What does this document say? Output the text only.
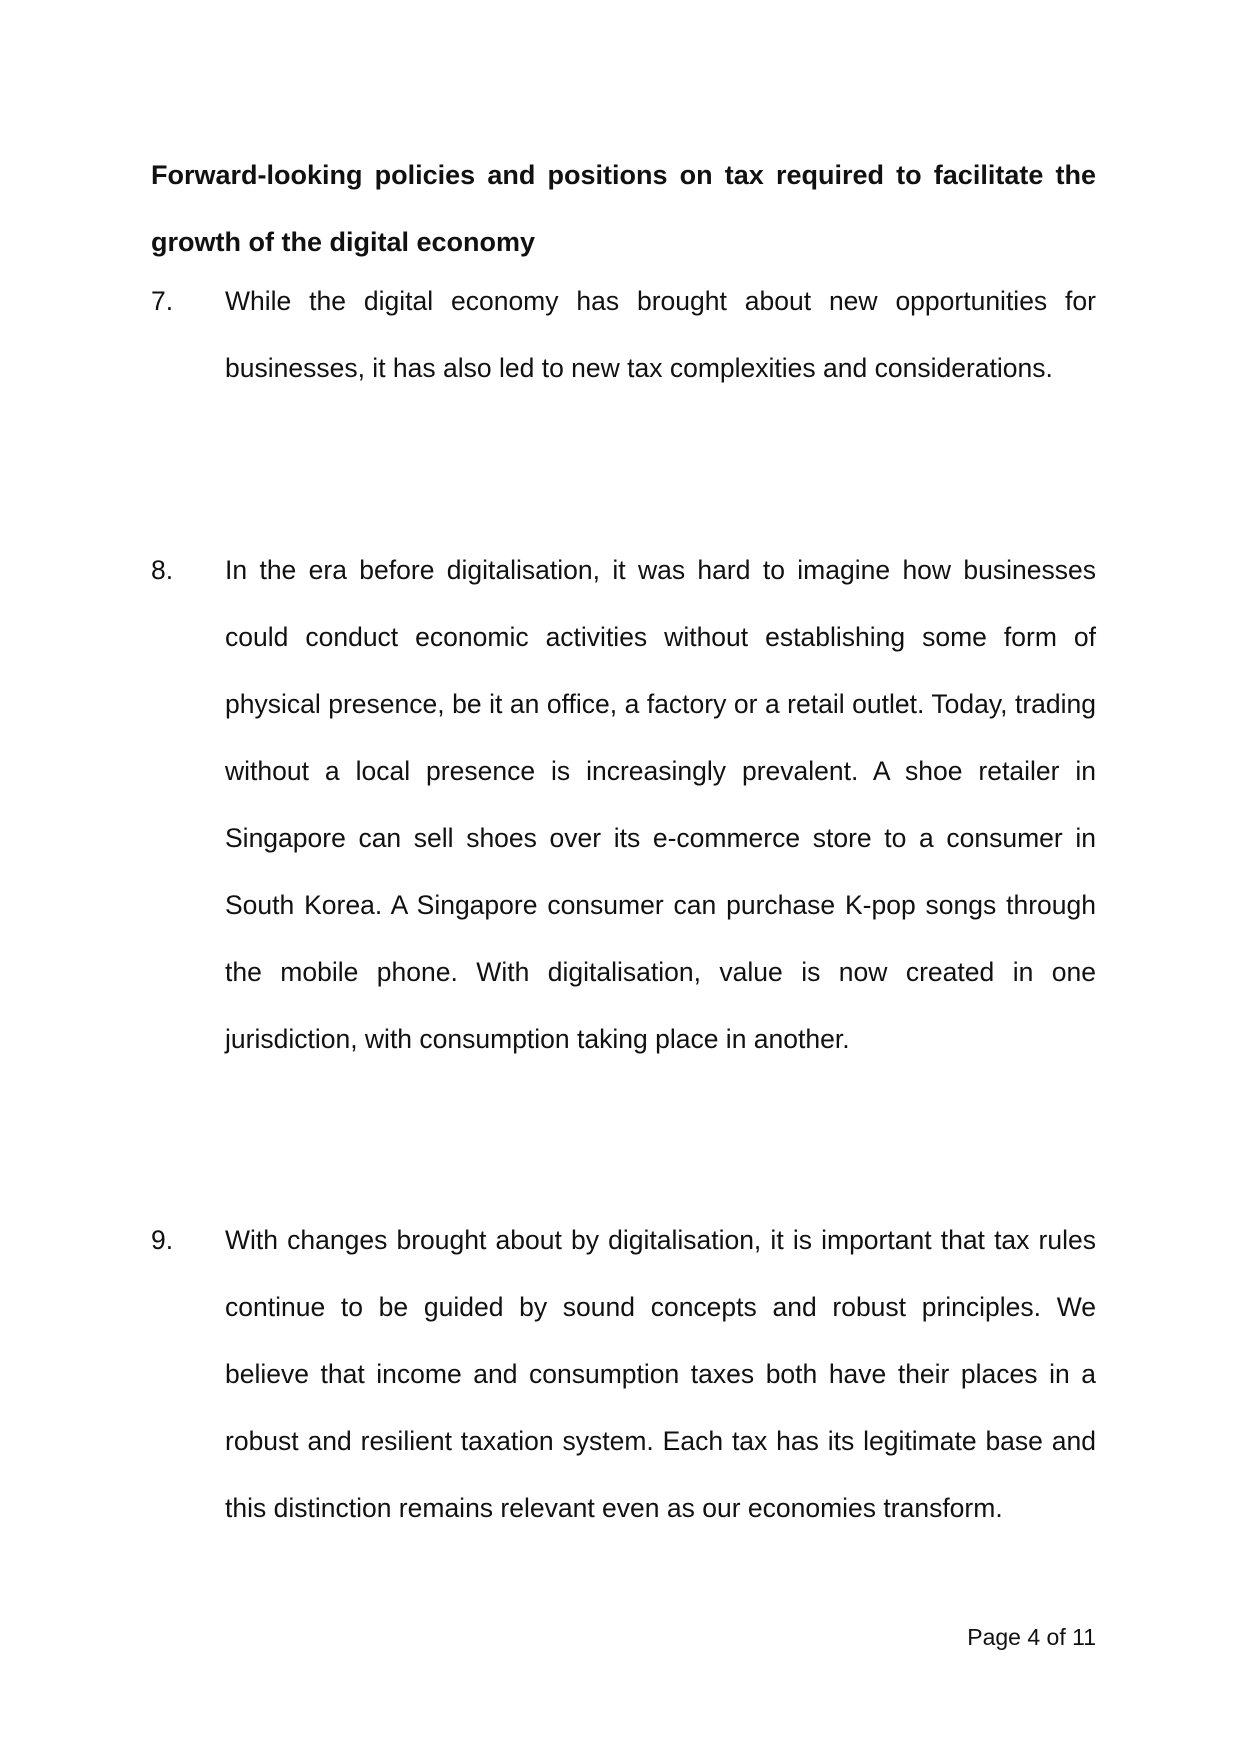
Forward-looking policies and positions on tax required to facilitate the growth of the digital economy
7. While the digital economy has brought about new opportunities for businesses, it has also led to new tax complexities and considerations.
8. In the era before digitalisation, it was hard to imagine how businesses could conduct economic activities without establishing some form of physical presence, be it an office, a factory or a retail outlet. Today, trading without a local presence is increasingly prevalent. A shoe retailer in Singapore can sell shoes over its e-commerce store to a consumer in South Korea. A Singapore consumer can purchase K-pop songs through the mobile phone. With digitalisation, value is now created in one jurisdiction, with consumption taking place in another.
9. With changes brought about by digitalisation, it is important that tax rules continue to be guided by sound concepts and robust principles. We believe that income and consumption taxes both have their places in a robust and resilient taxation system. Each tax has its legitimate base and this distinction remains relevant even as our economies transform.
Page 4 of 11
